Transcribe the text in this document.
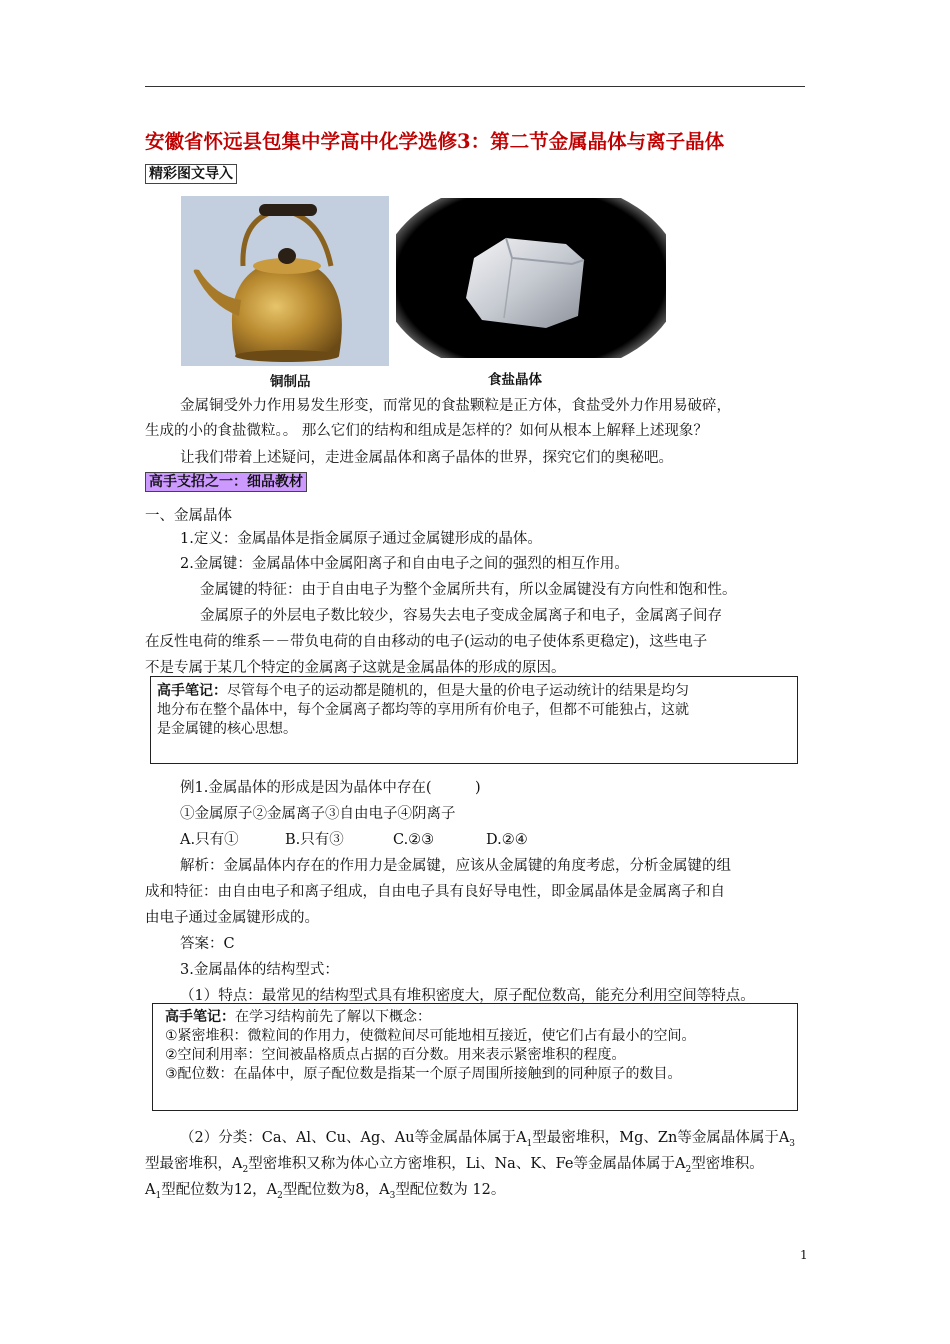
安徽省怀远县包集中学高中化学选修3：第二节金属晶体与离子晶体
精彩图文导入
铜制品	食盐晶体
金属铜受外力作用易发生形变，而常见的食盐颗粒是正方体，食盐受外力作用易破碎，
生成的小的食盐微粒。。 那么它们的结构和组成是怎样的？如何从根本上解释上述现象？
让我们带着上述疑问，走进金属晶体和离子晶体的世界，探究它们的奥秘吧。
高手支招之一：细品教材
一、金属晶体
1.定义：金属晶体是指金属原子通过金属键形成的晶体。
2.金属键：金属晶体中金属阳离子和自由电子之间的强烈的相互作用。
金属键的特征：由于自由电子为整个金属所共有，所以金属键没有方向性和饱和性。
金属原子的外层电子数比较少，容易失去电子变成金属离子和电子，金属离子间存
在反性电荷的维系－－带负电荷的自由移动的电子(运动的电子使体系更稳定)，这些电子
不是专属于某几个特定的金属离子这就是金属晶体的形成的原因。
高手笔记：尽管每个电子的运动都是随机的，但是大量的价电子运动统计的结果是均匀
地分布在整个晶体中，每个金属离子都均等的享用所有价电子，但都不可能独占，这就
是金属键的核心思想。
例1.金属晶体的形成是因为晶体中存在(　　　)
①金属原子②金属离子③自由电子④阴离子
A.只有①	B.只有③	C.②③	D.②④
解析：金属晶体内存在的作用力是金属键，应该从金属键的角度考虑，分析金属键的组
成和特征：由自由电子和离子组成，自由电子具有良好导电性，即金属晶体是金属离子和自
由电子通过金属键形成的。
答案：C
3.金属晶体的结构型式：
（1）特点：最常见的结构型式具有堆积密度大，原子配位数高，能充分利用空间等特点。
高手笔记：在学习结构前先了解以下概念：
①紧密堆积：微粒间的作用力，使微粒间尽可能地相互接近，使它们占有最小的空间。
②空间利用率：空间被晶格质点占据的百分数。用来表示紧密堆积的程度。
③配位数：在晶体中，原子配位数是指某一个原子周围所接触到的同种原子的数目。
（2）分类：Ca、Al、Cu、Ag、Au等金属晶体属于$A_1$型最密堆积，Mg、Zn等金属晶体属于$A_3$
型最密堆积，$A_2$型密堆积又称为体心立方密堆积，Li、Na、K、Fe等金属晶体属于$A_2$型密堆积。
$A_1$型配位数为12，$A_2$型配位数为8，$A_3$型配位数为 12。
1
